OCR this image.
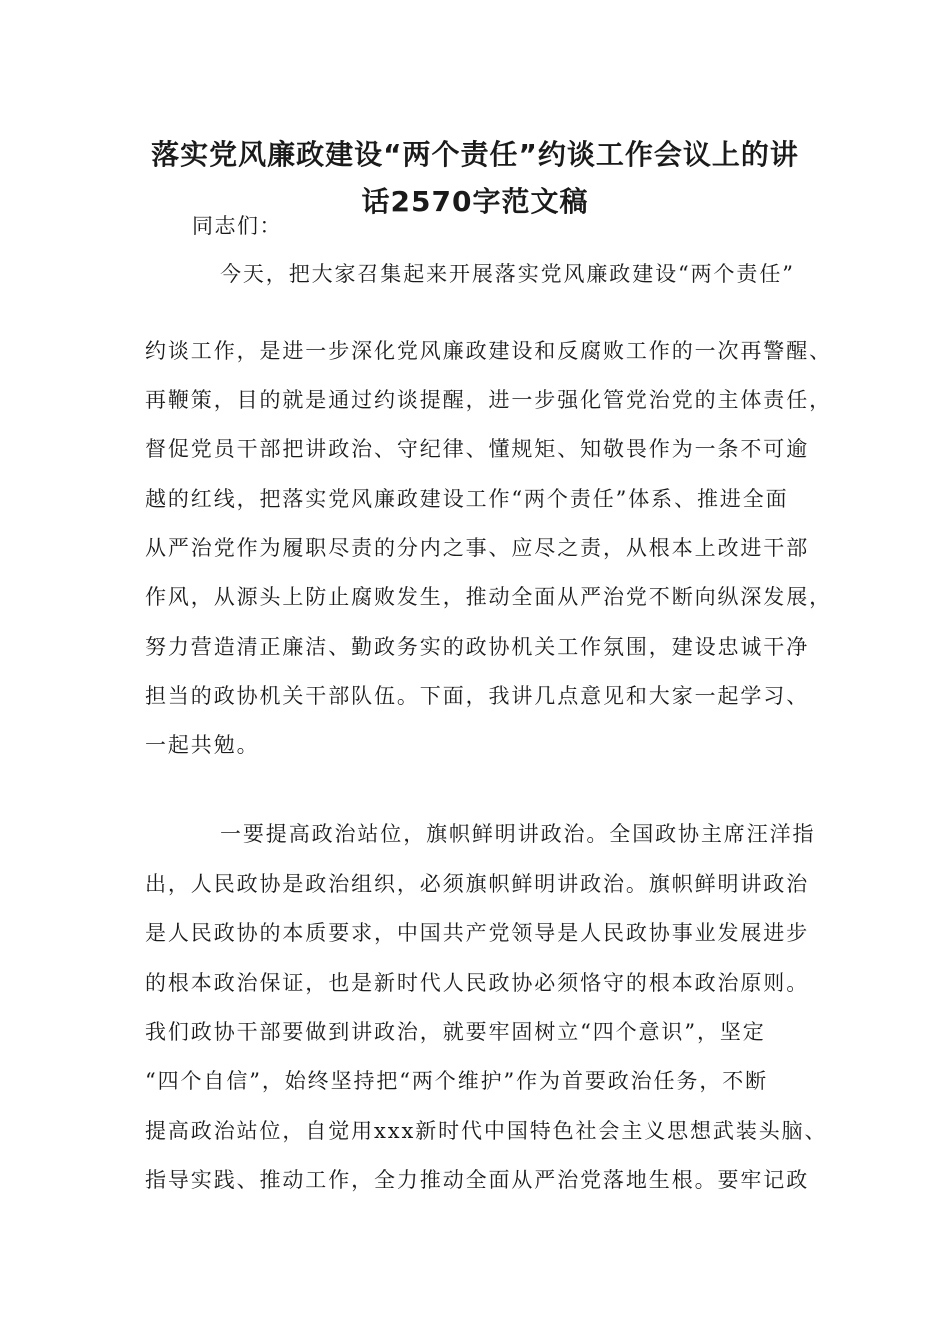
落实党风廉政建设“两个责任”约谈工作会议上的讲
话2570字范文稿
同志们：
今天，把大家召集起来开展落实党风廉政建设“两个责任”
约谈工作，是进一步深化党风廉政建设和反腐败工作的一次再警醒、
再鞭策，目的就是通过约谈提醒，进一步强化管党治党的主体责任，
督促党员干部把讲政治、守纪律、懂规矩、知敬畏作为一条不可逾
越的红线，把落实党风廉政建设工作“两个责任”体系、推进全面
从严治党作为履职尽责的分内之事、应尽之责，从根本上改进干部
作风，从源头上防止腐败发生，推动全面从严治党不断向纵深发展，
努力营造清正廉洁、勤政务实的政协机关工作氛围，建设忠诚干净
担当的政协机关干部队伍。下面，我讲几点意见和大家一起学习、
一起共勉。
一要提高政治站位，旗帜鲜明讲政治。全国政协主席汪洋指
出，人民政协是政治组织，必须旗帜鲜明讲政治。旗帜鲜明讲政治
是人民政协的本质要求，中国共产党领导是人民政协事业发展进步
的根本政治保证，也是新时代人民政协必须恪守的根本政治原则。
我们政协干部要做到讲政治，就要牢固树立“四个意识”，坚定
“四个自信”，始终坚持把“两个维护”作为首要政治任务，不断
提高政治站位，自觉用xxx新时代中国特色社会主义思想武装头脑、
指导实践、推动工作，全力推动全面从严治党落地生根。要牢记政
